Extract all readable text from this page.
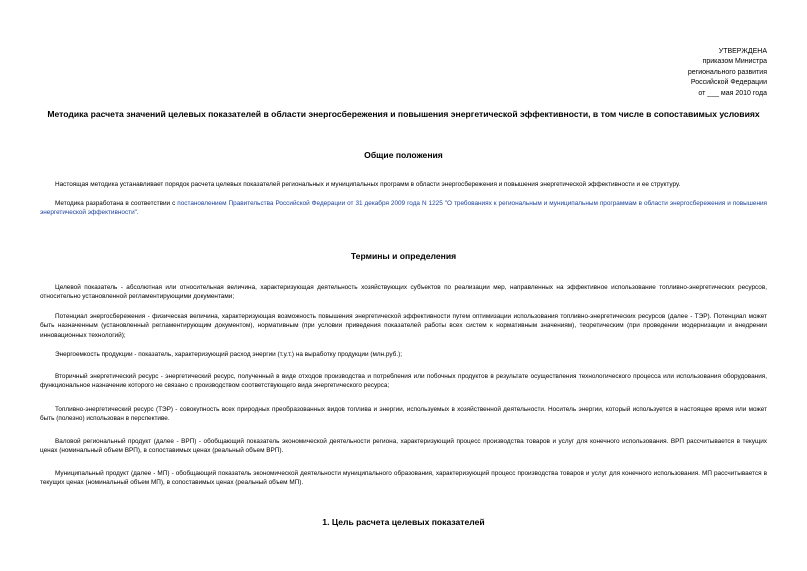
УТВЕРЖДЕНА
приказом Министра
регионального развития
Российской Федерации
от ___ мая 2010 года

Методика расчета значений целевых показателей в области энергосбережения и повышения энергетической эффективности, в том числе в сопоставимых условиях

Общие положения

Настоящая методика устанавливает порядок расчета целевых показателей региональных и муниципальных программ в области энергосбережения и повышения энергетической эффективности и ее структуру.

Методика разработана в соответствии с постановлением Правительства Российской Федерации от 31 декабря 2009 года N 1225 "О требованиях к региональным и муниципальным программам в области энергосбережения и повышения энергетической эффективности".

Термины и определения

Целевой показатель - абсолютная или относительная величина, характеризующая деятельность хозяйствующих субъектов по реализации мер, направленных на эффективное использование топливно-энергетических ресурсов, относительно установленной регламентирующими документами;

Потенциал энергосбережения - физическая величина, характеризующая возможность повышения энергетической эффективности путем оптимизации использования топливно-энергетических ресурсов (далее - ТЭР). Потенциал может быть назначенным (установленный регламентирующим документом), нормативным (при условии приведения показателей работы всех систем к нормативным значениям), теоретическим (при проведении модернизации и внедрении инновационных технологий);

Энергоемкость продукции - показатель, характеризующий расход энергии (т.у.т.) на выработку продукции (млн.руб.);

Вторичный энергетический ресурс - энергетический ресурс, полученный в виде отходов производства и потребления или побочных продуктов в результате осуществления технологического процесса или использования оборудования, функциональное назначение которого не связано с производством соответствующего вида энергетического ресурса;

Топливно-энергетический ресурс (ТЭР) - совокупность всех природных преобразованных видов топлива и энергии, используемых в хозяйственной деятельности. Носитель энергии, который используется в настоящее время или может быть (полезно) использован в перспективе.

Валовой региональный продукт (далее - ВРП) - обобщающий показатель экономической деятельности региона, характеризующий процесс производства товаров и услуг для конечного использования. ВРП рассчитывается в текущих ценах (номинальный объем ВРП), в сопоставимых ценах (реальный объем ВРП).

Муниципальный продукт (далее - МП) - обобщающий показатель экономической деятельности муниципального образования, характеризующий процесс производства товаров и услуг для конечного использования. МП рассчитывается в текущих ценах (номинальный объем МП), в сопоставимых ценах (реальный объем МП).

1. Цель расчета целевых показателей
